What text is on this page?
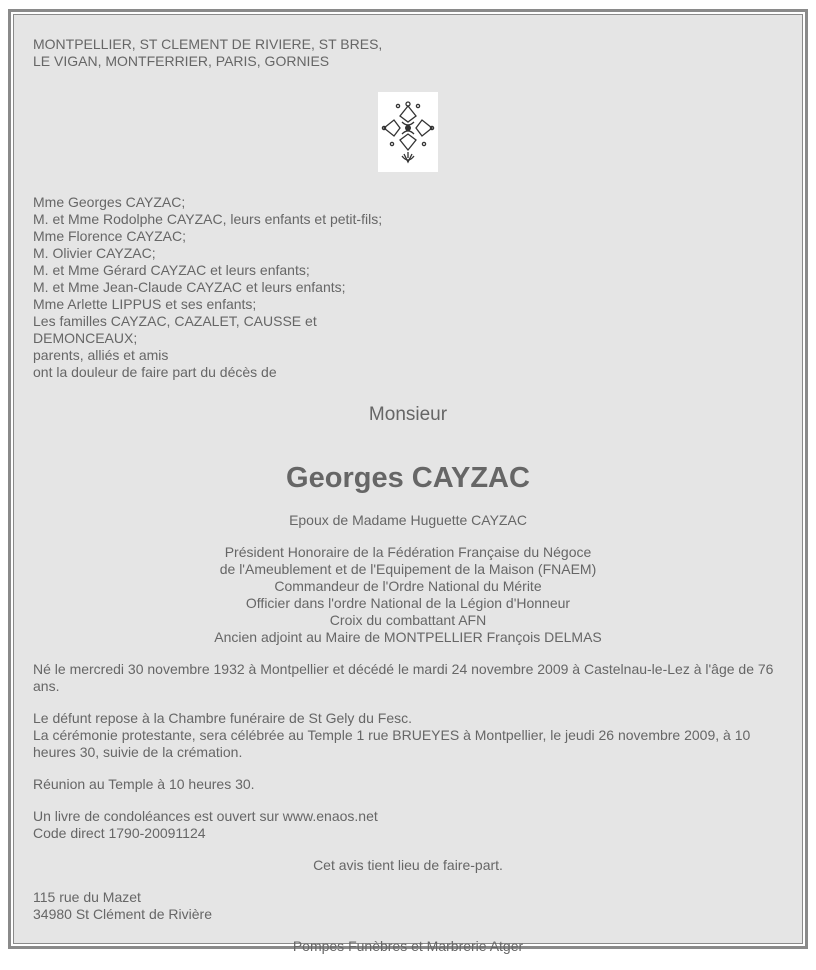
MONTPELLIER, ST CLEMENT DE RIVIERE, ST BRES,
LE VIGAN, MONTFERRIER, PARIS, GORNIES
Mme Georges CAYZAC;
M. et Mme Rodolphe CAYZAC, leurs enfants et petit-fils;
Mme Florence CAYZAC;
M. Olivier CAYZAC;
M. et Mme Gérard CAYZAC et leurs enfants;
M. et Mme Jean-Claude CAYZAC et leurs enfants;
Mme Arlette LIPPUS et ses enfants;
Les familles CAYZAC, CAZALET, CAUSSE et
DEMONCEAUX;
parents, alliés et amis
ont la douleur de faire part du décès de
Monsieur
Georges CAYZAC
Epoux de Madame Huguette CAYZAC
Président Honoraire de la Fédération Française du Négoce
de l'Ameublement et de l'Equipement de la Maison (FNAEM)
Commandeur de l'Ordre National du Mérite
Officier dans l'ordre National de la Légion d'Honneur
Croix du combattant AFN
Ancien adjoint au Maire de MONTPELLIER François DELMAS
Né le mercredi 30 novembre 1932 à Montpellier et décédé le mardi 24 novembre 2009 à Castelnau-le-Lez à l'âge de 76 ans.
Le défunt repose à la Chambre funéraire de St Gely du Fesc.
La cérémonie protestante, sera célébrée au Temple 1 rue BRUEYES à Montpellier, le jeudi 26 novembre 2009, à 10 heures 30, suivie de la crémation.
Réunion au Temple à 10 heures 30.
Un livre de condoléances est ouvert sur www.enaos.net
Code direct 1790-20091124
Cet avis tient lieu de faire-part.
115 rue du Mazet
34980 St Clément de Rivière
Pompes Funèbres et Marbrerie Atger
